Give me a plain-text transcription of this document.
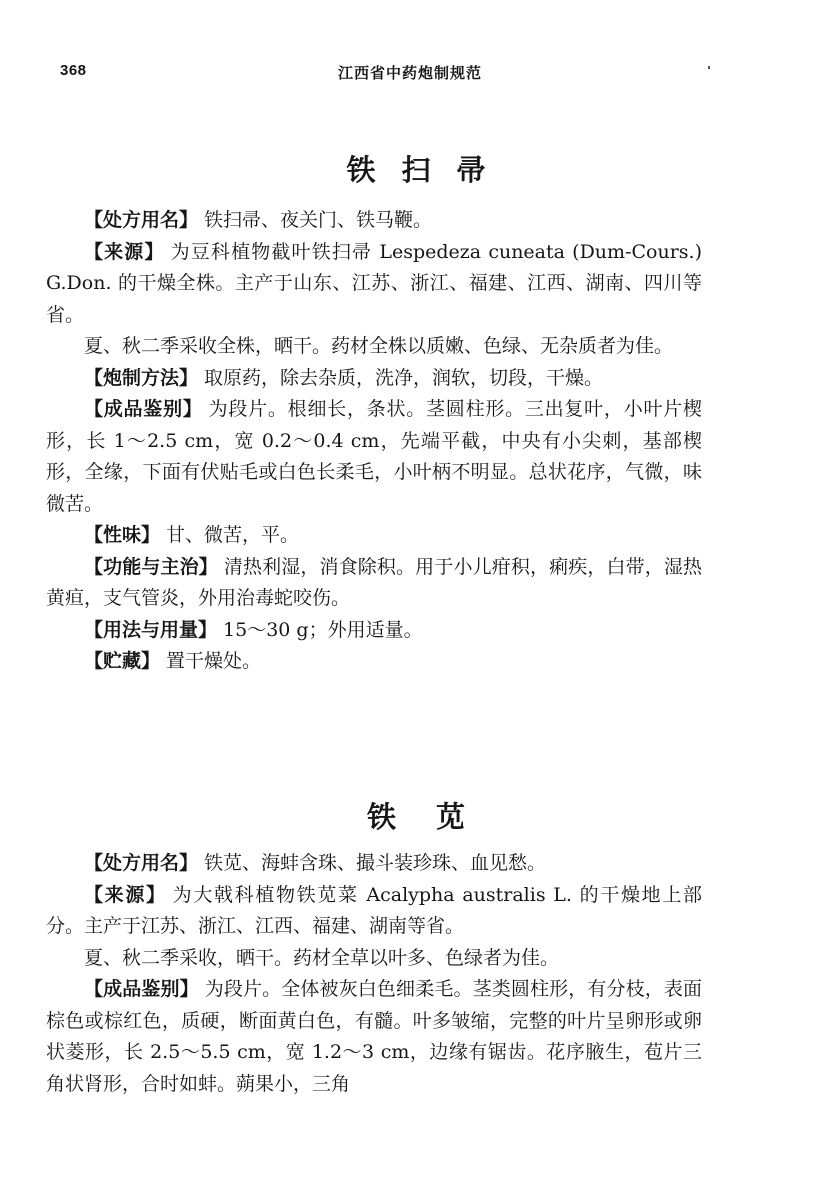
368	江西省中药炮制规范
铁扫帚

【处方用名】 铁扫帚、夜关门、铁马鞭。

【来源】 为豆科植物截叶铁扫帚 Lespedeza cuneata (Dum-Cours.) G.Don. 的干燥全株。主产于山东、江苏、浙江、福建、江西、湖南、四川等省。

夏、秋二季采收全株，晒干。药材全株以质嫩、色绿、无杂质者为佳。

【炮制方法】 取原药，除去杂质，洗净，润软，切段，干燥。

【成品鉴别】 为段片。根细长，条状。茎圆柱形。三出复叶，小叶片楔形，长 1～2.5 cm，宽 0.2～0.4 cm，先端平截，中央有小尖刺，基部楔形，全缘，下面有伏贴毛或白色长柔毛，小叶柄不明显。总状花序，气微，味微苦。

【性味】 甘、微苦，平。

【功能与主治】 清热利湿，消食除积。用于小儿疳积，痢疾，白带，湿热黄疸，支气管炎，外用治毒蛇咬伤。

【用法与用量】 15～30 g；外用适量。

【贮藏】 置干燥处。

铁苋

【处方用名】 铁苋、海蚌含珠、撮斗装珍珠、血见愁。

【来源】 为大戟科植物铁苋菜 Acalypha australis L. 的干燥地上部分。主产于江苏、浙江、江西、福建、湖南等省。

夏、秋二季采收，晒干。药材全草以叶多、色绿者为佳。

【成品鉴别】 为段片。全体被灰白色细柔毛。茎类圆柱形，有分枝，表面棕色或棕红色，质硬，断面黄白色，有髓。叶多皱缩，完整的叶片呈卵形或卵状菱形，长 2.5～5.5 cm，宽 1.2～3 cm，边缘有锯齿。花序腋生，苞片三角状肾形，合时如蚌。蒴果小，三角
